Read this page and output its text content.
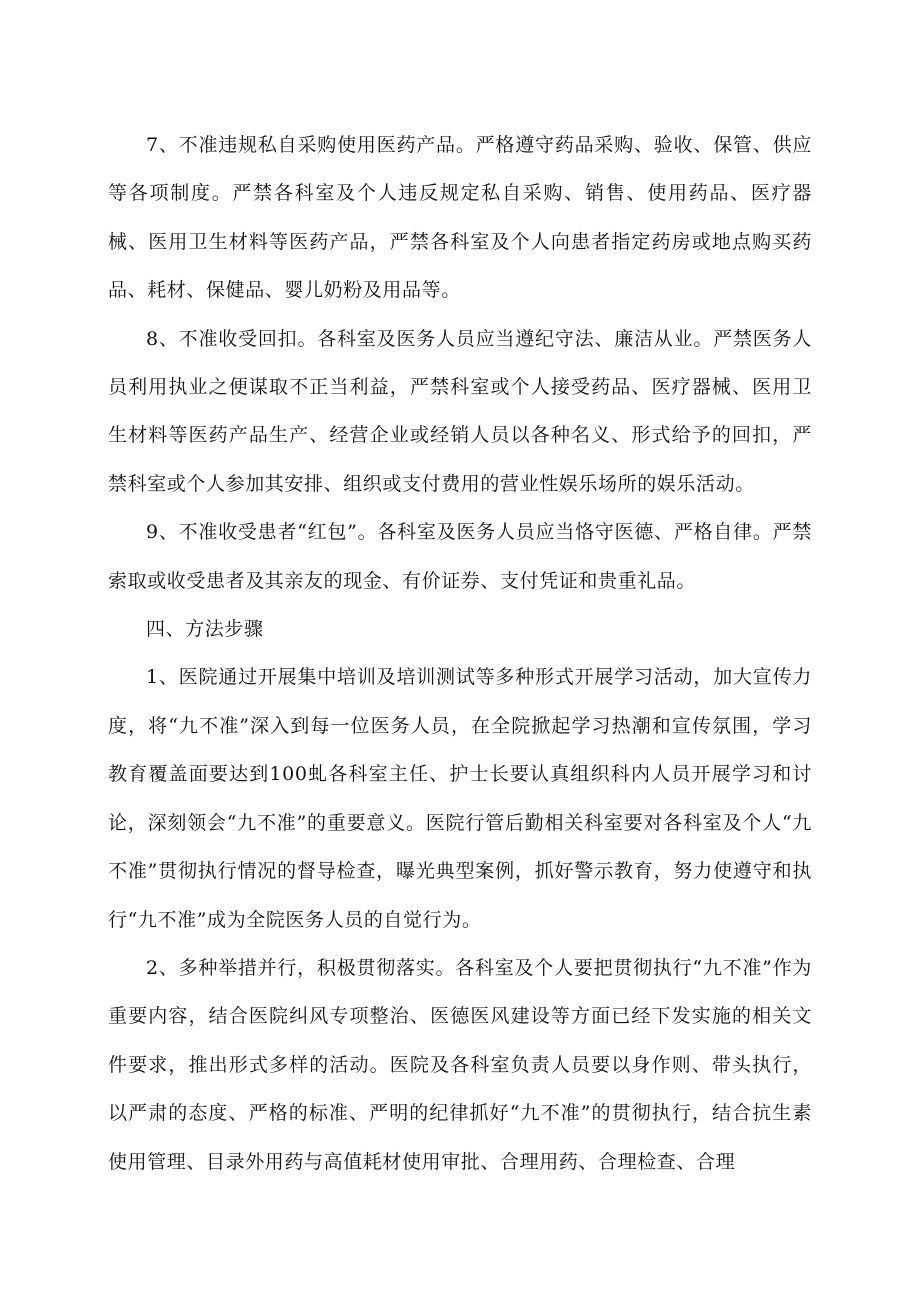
7、不准违规私自采购使用医药产品。严格遵守药品采购、验收、保管、供应等各项制度。严禁各科室及个人违反规定私自采购、销售、使用药品、医疗器械、医用卫生材料等医药产品，严禁各科室及个人向患者指定药房或地点购买药品、耗材、保健品、婴儿奶粉及用品等。

8、不准收受回扣。各科室及医务人员应当遵纪守法、廉洁从业。严禁医务人员利用执业之便谋取不正当利益，严禁科室或个人接受药品、医疗器械、医用卫生材料等医药产品生产、经营企业或经销人员以各种名义、形式给予的回扣，严禁科室或个人参加其安排、组织或支付费用的营业性娱乐场所的娱乐活动。

9、不准收受患者“红包”。各科室及医务人员应当恪守医德、严格自律。严禁索取或收受患者及其亲友的现金、有价证券、支付凭证和贵重礼品。

四、方法步骤

1、医院通过开展集中培训及培训测试等多种形式开展学习活动，加大宣传力度，将“九不准”深入到每一位医务人员，在全院掀起学习热潮和宣传氛围，学习教育覆盖面要达到100虬各科室主任、护士长要认真组织科内人员开展学习和讨论，深刻领会“九不准”的重要意义。医院行管后勤相关科室要对各科室及个人“九不准”贯彻执行情况的督导检查，曝光典型案例，抓好警示教育，努力使遵守和执行“九不准”成为全院医务人员的自觉行为。

2、多种举措并行，积极贯彻落实。各科室及个人要把贯彻执行“九不准”作为重要内容，结合医院纠风专项整治、医德医风建设等方面已经下发实施的相关文件要求，推出形式多样的活动。医院及各科室负责人员要以身作则、带头执行，以严肃的态度、严格的标准、严明的纪律抓好“九不准”的贯彻执行，结合抗生素使用管理、目录外用药与高值耗材使用审批、合理用药、合理检查、合理
